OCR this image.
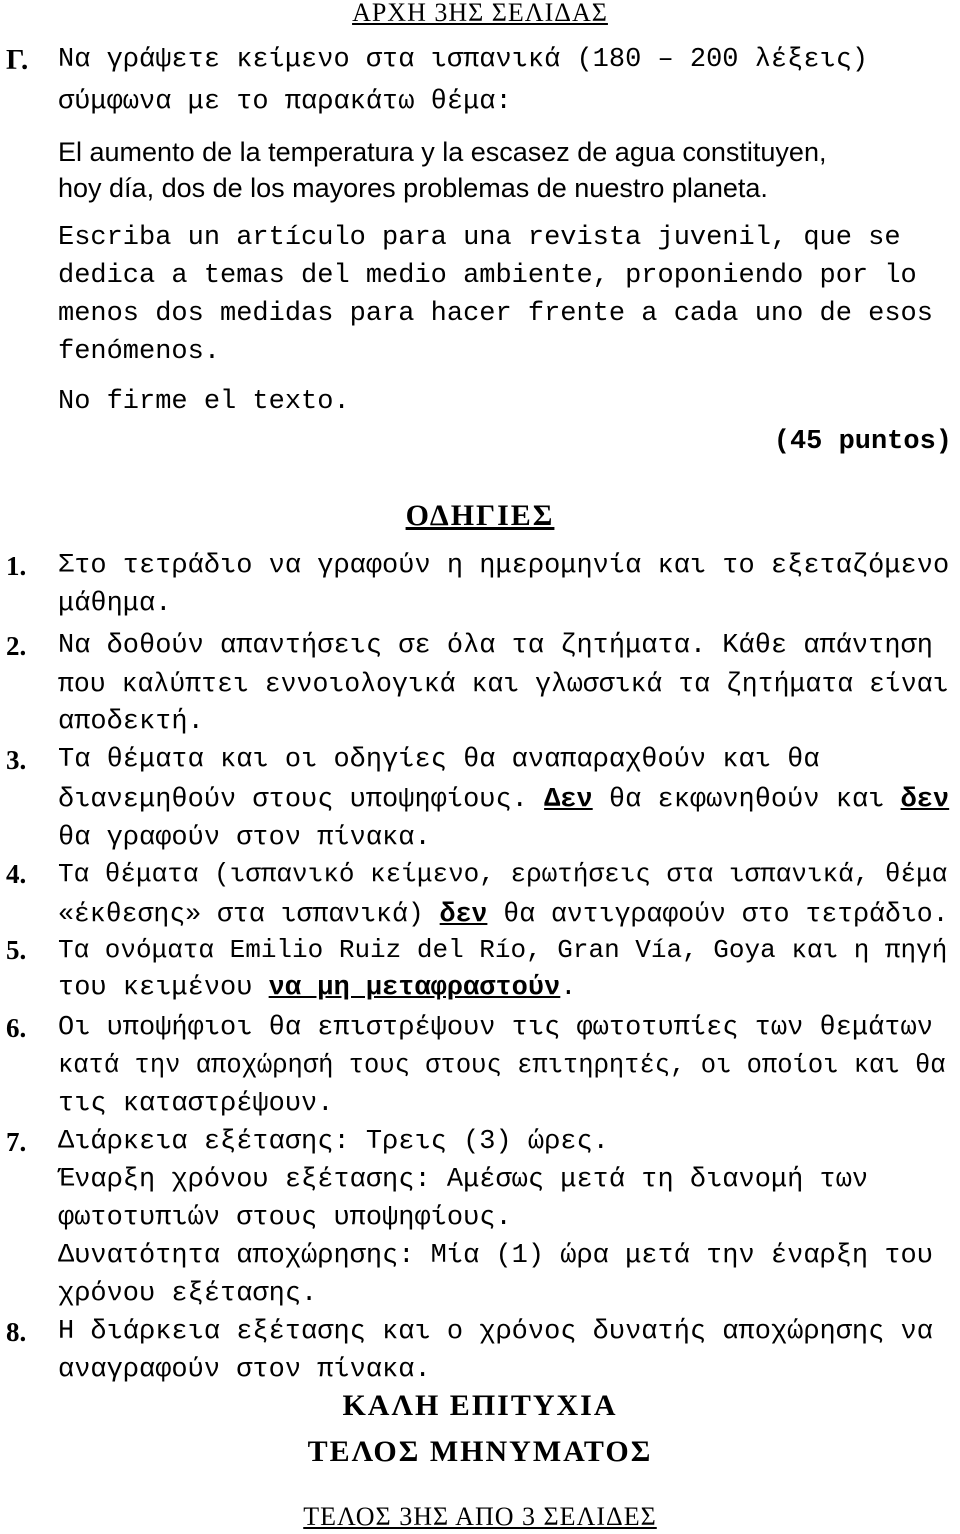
ΑΡΧΗ 3ΗΣ ΣΕΛΙΔΑΣ
Γ. Να γράψετε κείμενο στα ισπανικά (180 – 200 λέξεις)
σύμφωνα με το παρακάτω θέμα:
El aumento de la temperatura y la escasez de agua constituyen,
hoy día, dos de los mayores problemas de nuestro planeta.
Escriba un artículo para una revista juvenil, que se
dedica a temas del medio ambiente, proponiendo por lo
menos dos medidas para hacer frente a cada uno de esos
fenómenos.
No firme el texto.
(45 puntos)
ΟΔΗΓΙΕΣ
1. Στο τετράδιο να γραφούν η ημερομηνία και το εξεταζόμενο
μάθημα.
2. Να δοθούν απαντήσεις σε όλα τα ζητήματα. Κάθε απάντηση
που καλύπτει εννοιολογικά και γλωσσικά τα ζητήματα είναι
αποδεκτή.
3. Τα θέματα και οι οδηγίες θα αναπαραχθούν και θα
διανεμηθούν στους υποψηφίους. Δεν θα εκφωνηθούν και δεν
θα γραφούν στον πίνακα.
4. Τα θέματα (ισπανικό κείμενο, ερωτήσεις στα ισπανικά, θέμα
«έκθεσης» στα ισπανικά) δεν θα αντιγραφούν στο τετράδιο.
5. Τα ονόματα Emilio Ruiz del Río, Gran Vía, Goya και η πηγή
του κειμένου να μη μεταφραστούν.
6. Οι υποψήφιοι θα επιστρέψουν τις φωτοτυπίες των θεμάτων
κατά την αποχώρησή τους στους επιτηρητές, οι οποίοι και θα
τις καταστρέψουν.
7. Διάρκεια εξέτασης: Τρεις (3) ώρες.
Έναρξη χρόνου εξέτασης: Αμέσως μετά τη διανομή των
φωτοτυπιών στους υποψηφίους.
Δυνατότητα αποχώρησης: Μία (1) ώρα μετά την έναρξη του
χρόνου εξέτασης.
8. Η διάρκεια εξέτασης και ο χρόνος δυνατής αποχώρησης να
αναγραφούν στον πίνακα.
ΚΑΛΗ ΕΠΙΤΥΧΙΑ
ΤΕΛΟΣ ΜΗΝΥΜΑΤΟΣ
ΤΕΛΟΣ 3ΗΣ ΑΠΟ 3 ΣΕΛΙΔΕΣ
